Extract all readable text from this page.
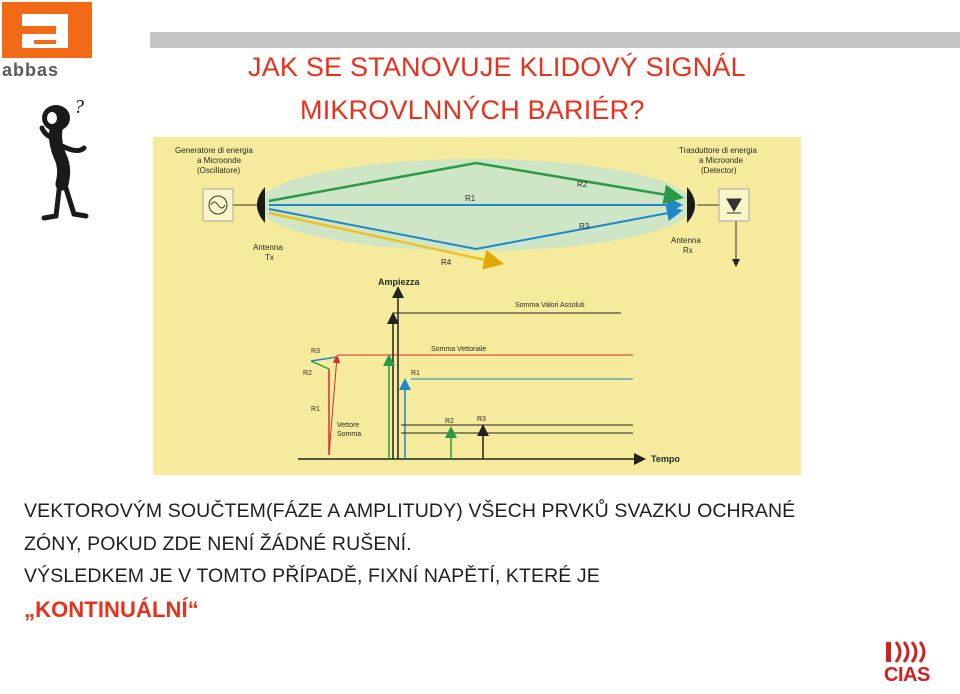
abbas
?
JAK SE STANOVUJE KLIDOVÝ SIGNÁL
MIKROVLNNÝCH BARIÉR?
R1
R2
R3
R4
Generatore di energia
a Microonde
(Oscillatore)
Trasduttore di energia
a Microonde
(Detector)
Antenna
Tx
Antenna
Rx
Ampiezza
Tempo
Somma Valori Assoluti
Somma Vettoriale
R1
R3
R2
R1
Vettore
Somma
R2	R3
VEKTOROVÝM SOUČTEM(FÁZE A AMPLITUDY) VŠECH PRVKŮ SVAZKU OCHRANÉ
ZÓNY, POKUD ZDE NENÍ ŽÁDNÉ RUŠENÍ.
VÝSLEDKEM JE V TOMTO PŘÍPADĚ, FIXNÍ NAPĚTÍ, KTERÉ JE
„KONTINUÁLNÍ“
CIAS
